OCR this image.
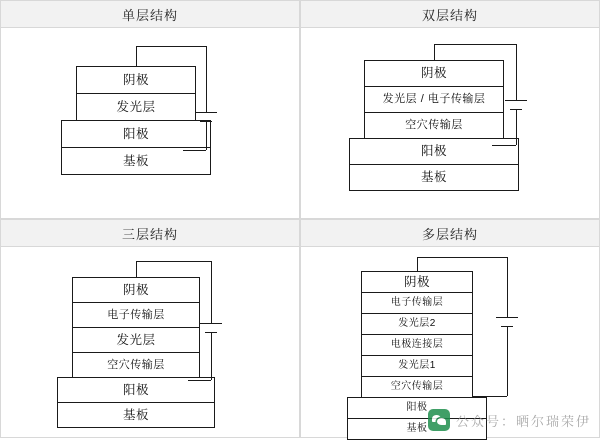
单层结构
阴极
发光层
阳极
基板
双层结构
阴极
发光层 / 电子传输层
空穴传输层
阳极
基板
三层结构
阴极
电子传输层
发光层
空穴传输层
阳极
基板
多层结构
阴极
电子传输层
发光层2
电极连接层
发光层1
空穴传输层
阳极
基板	公众号：晒尔瑞荣伊
